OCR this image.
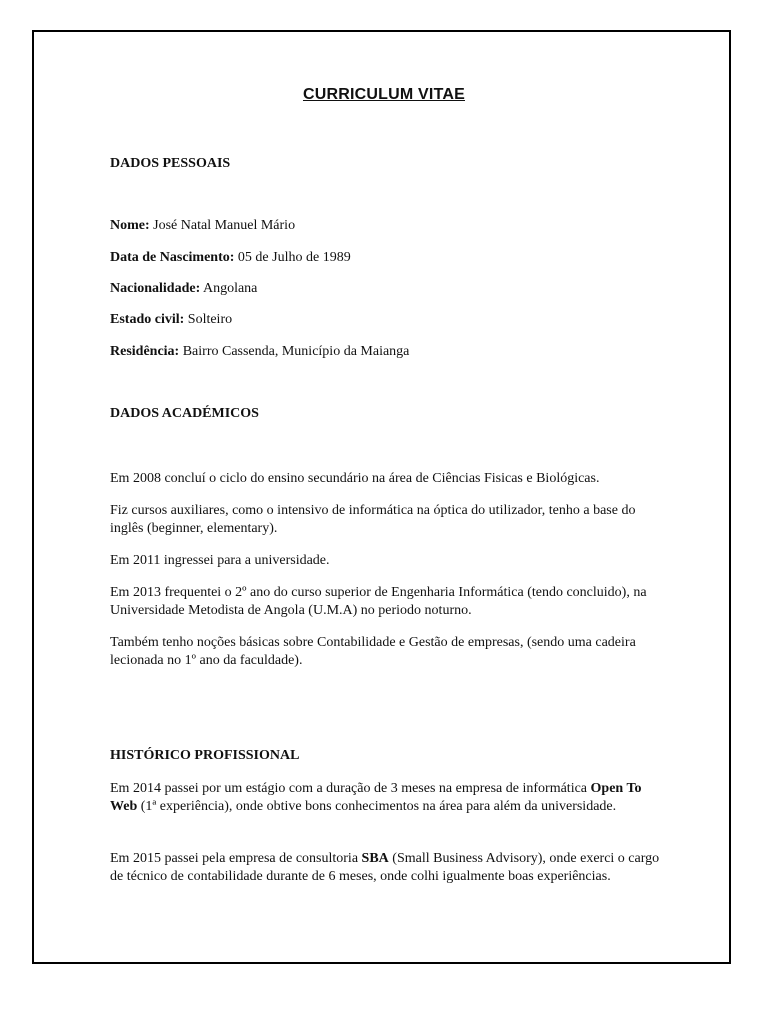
CURRICULUM VITAE
DADOS PESSOAIS
Nome: José Natal Manuel Mário
Data de Nascimento: 05 de Julho de 1989
Nacionalidade: Angolana
Estado civil: Solteiro
Residência: Bairro Cassenda, Município da Maianga
DADOS ACADÉMICOS
Em 2008 concluí o ciclo do ensino secundário na área de Ciências Fisicas e Biológicas.
Fiz cursos auxiliares, como o intensivo de informática na óptica do utilizador, tenho a base do inglês (beginner, elementary).
Em 2011 ingressei para a universidade.
Em 2013 frequentei o 2º ano do curso superior de Engenharia Informática (tendo concluido), na Universidade Metodista de Angola (U.M.A) no periodo noturno.
Também tenho noções básicas sobre Contabilidade e Gestão de empresas, (sendo uma cadeira lecionada no 1º ano da faculdade).
HISTÓRICO PROFISSIONAL
Em 2014 passei por um estágio com a duração de 3 meses na empresa de informática Open To Web (1ª experiência), onde obtive bons conhecimentos na área para além da universidade.
Em 2015 passei pela empresa de consultoria SBA (Small Business Advisory), onde exerci o cargo de técnico de contabilidade durante de 6 meses, onde colhi igualmente boas experiências.
